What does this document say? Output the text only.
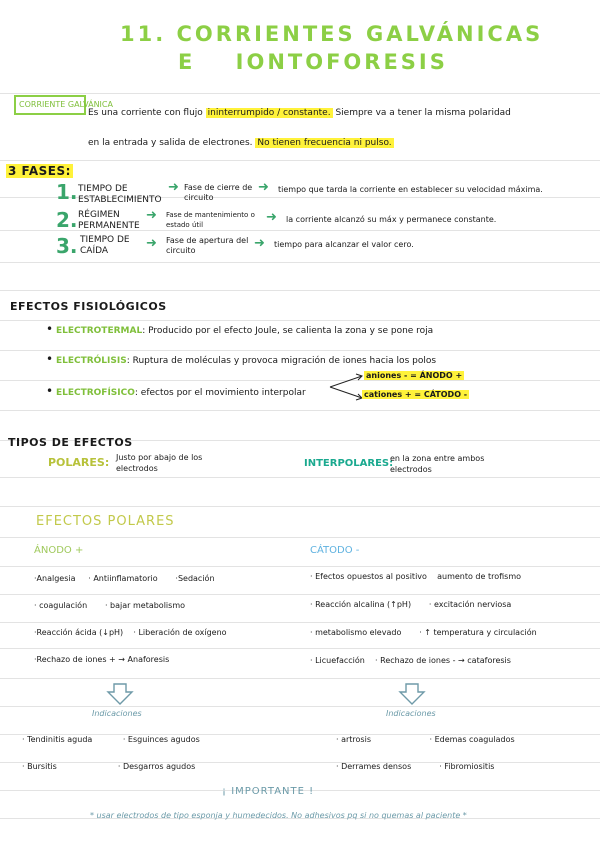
11. CORRIENTES GALVÁNICAS
E IONTOFORESIS
CORRIENTE GALVÁNICA
Es una corriente con flujo ininterrumpido / constante. Siempre va a tener la misma polaridad
en la entrada y salida de electrones. No tienen frecuencia ni pulso.
3 FASES:
1. TIEMPO DE ESTABLECIMIENTO
➜ Fase de cierre de circuito
➜ tiempo que tarda la corriente en establecer su velocidad máxima.
2. RÉGIMEN PERMANENTE
➜ Fase de mantenimiento o estado útil	➜ la corriente alcanzó su máx y permanece constante.
3. TIEMPO DE CAÍDA	➜ Fase de apertura del circuito	➜ tiempo para alcanzar el valor cero.
EFECTOS FISIOLÓGICOS
• ELECTROTERMAL: Producido por el efecto Joule, se calienta la zona y se pone roja
• ELECTRÓLISIS: Ruptura de moléculas y provoca migración de iones hacia los polos
• ELECTROFÍSICO: efectos por el movimiento interpolar
aniones - = ÁNODO +
cationes + = CÁTODO -
TIPOS DE EFECTOS
POLARES: Justo por abajo de los electrodos	INTERPOLARES:
en la zona entre ambos electrodos
EFECTOS POLARES
ÁNODO +	CÁTODO -
·Analgesia · Antiinflamatorio ·Sedación
· coagulación · bajar metabolismo
·Reacción ácida (↓pH) · Liberación de oxígeno
·Rechazo de iones + → Anaforesis
· Efectos opuestos al positivo aumento de trofismo
· Reacción alcalina (↑pH) · excitación nerviosa
· metabolismo elevado · ↑ temperatura y circulación
· Licuefacción · Rechazo de iones - → cataforesis
Indicaciones	Indicaciones
· Tendinitis aguda	· Esguinces agudos
· Bursitis	· Desgarros agudos
· artrosis	· Edemas coagulados
· Derrames densos	· Fibromiositis
¡ IMPORTANTE !
* usar electrodos de tipo esponja y humedecidos. No adhesivos pq si no quemas al paciente *
